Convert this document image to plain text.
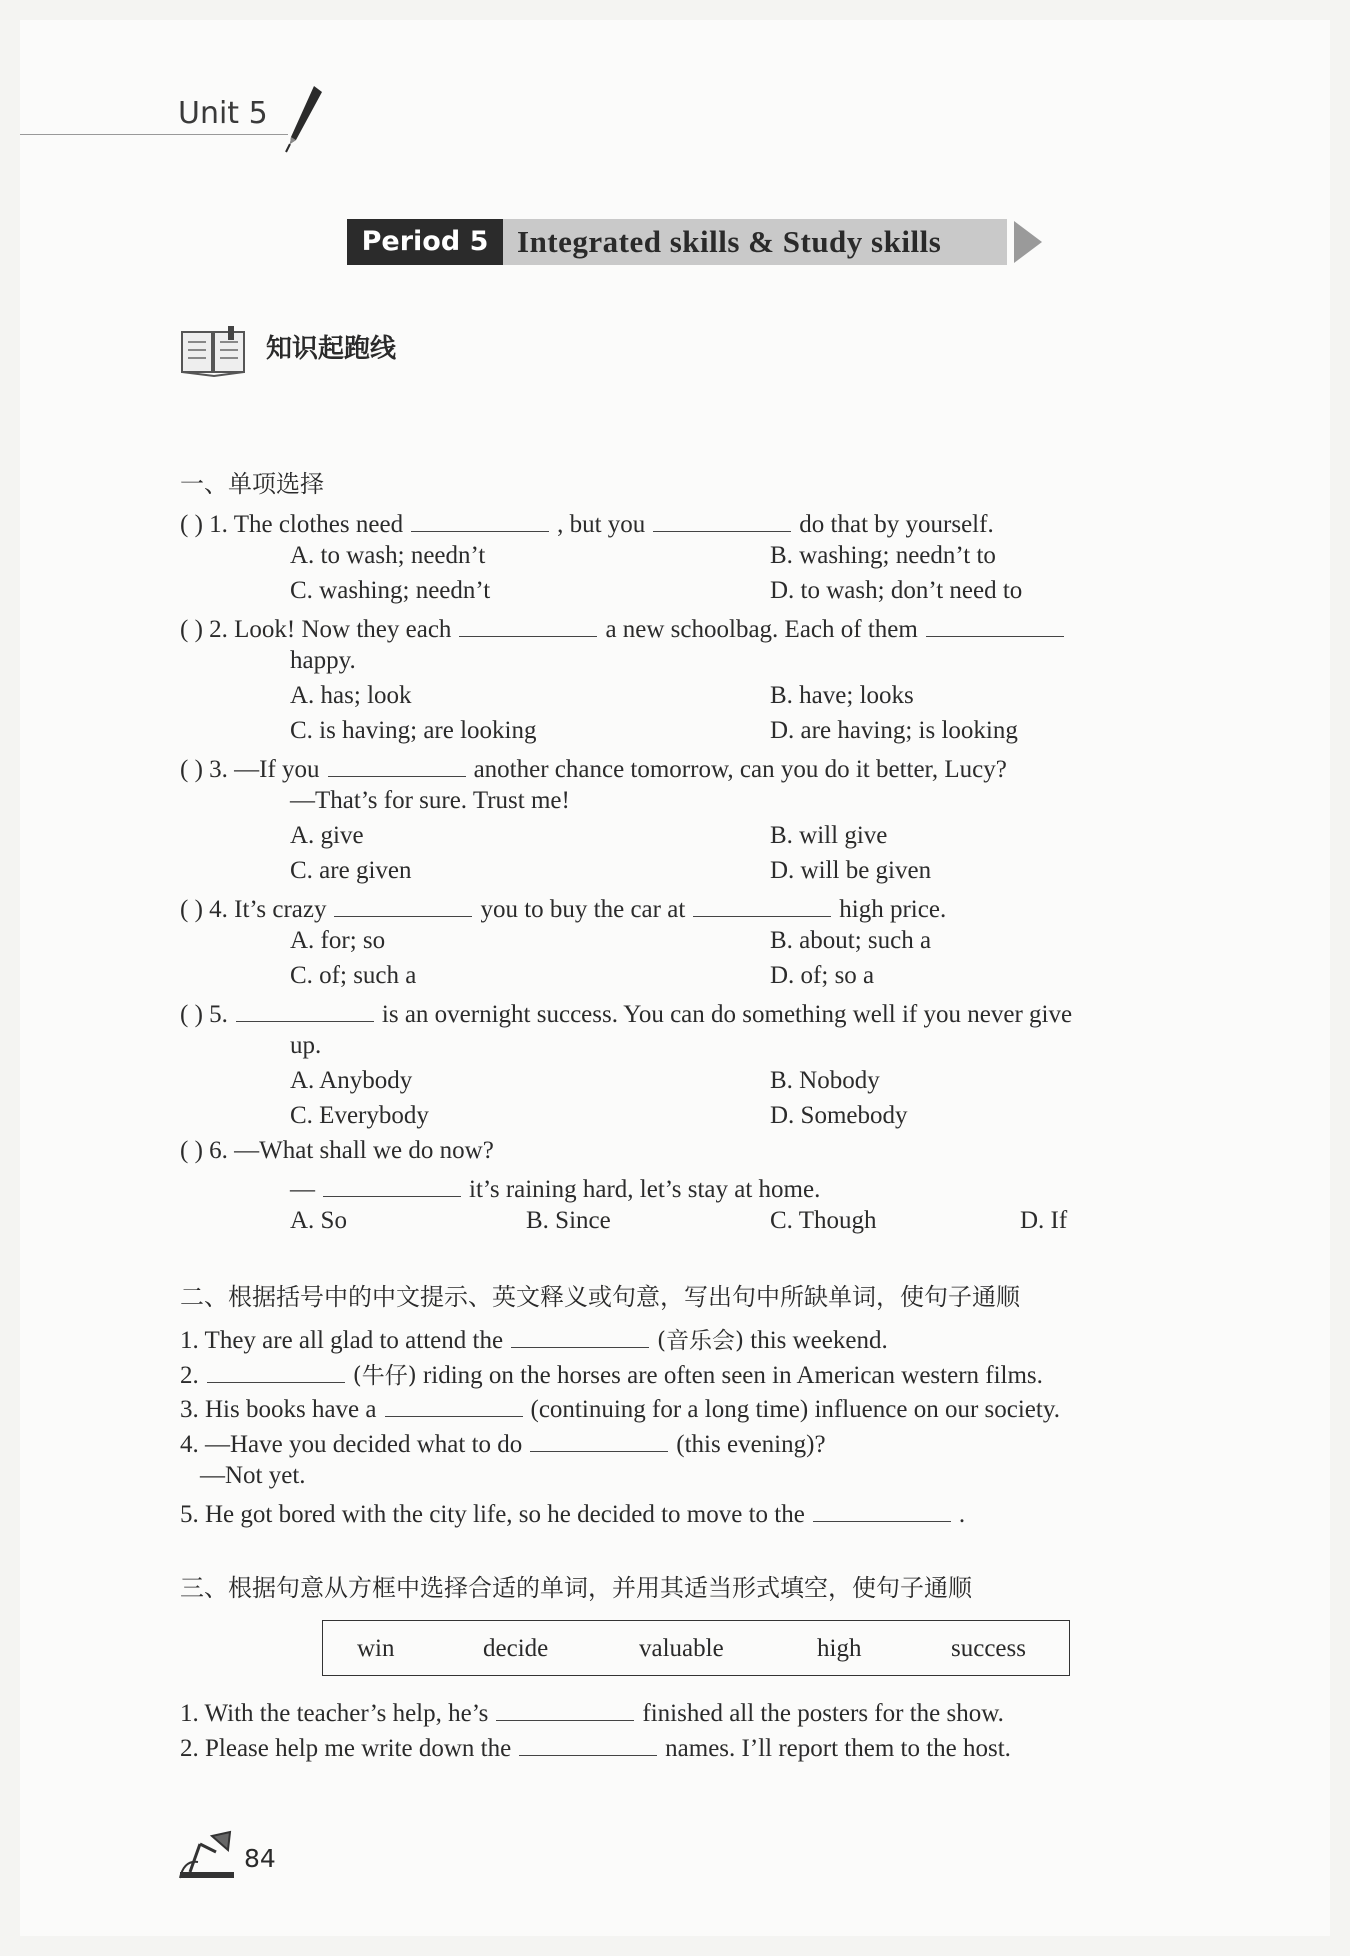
Unit 5
Period 5 Integrated skills & Study skills
知识起跑线
一、单项选择
( ) 1. The clothes need	, but you	do that by yourself.
A. to wash; needn’t	B. washing; needn’t to
C. washing; needn’t	D. to wash; don’t need to
( ) 2. Look! Now they each	a new schoolbag. Each of them
happy.
A. has; look	B. have; looks
C. is having; are looking	D. are having; is looking
( ) 3. —If you	another chance tomorrow, can you do it better, Lucy?
—That’s for sure. Trust me!
A. give	B. will give
C. are given	D. will be given
( ) 4. It’s crazy	you to buy the car at	high price.
A. for; so	B. about; such a
C. of; such a	D. of; so a
( ) 5.	is an overnight success. You can do something well if you never give
up.
A. Anybody	B. Nobody
C. Everybody	D. Somebody
( ) 6. —What shall we do now?
—	it’s raining hard, let’s stay at home.
A. So	B. Since	C. Though	D. If
二、根据括号中的中文提示、英文释义或句意，写出句中所缺单词，使句子通顺
1. They are all glad to attend the	(音乐会) this weekend.
2.	(牛仔) riding on the horses are often seen in American western films.
3. His books have a	(continuing for a long time) influence on our society.
4. —Have you decided what to do	(this evening)?
—Not yet.
5. He got bored with the city life, so he decided to move to the	.
三、根据句意从方框中选择合适的单词，并用其适当形式填空，使句子通顺
win	decide	valuable	high	success
1. With the teacher’s help, he’s	finished all the posters for the show.
2. Please help me write down the	names. I’ll report them to the host.
84
